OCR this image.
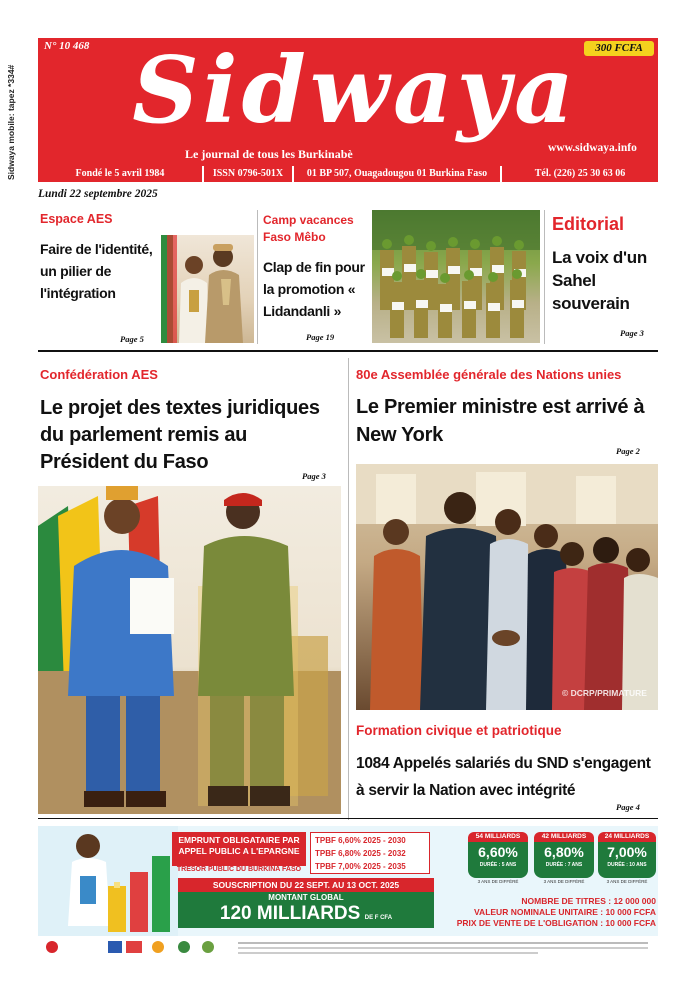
Sidwaya mobile: tapez *334#
N° 10 468	300 FCFA
Sidwaya
Le journal de tous les Burkinabè	www.sidwaya.info
Fondé le 5 avril 1984	ISSN 0796-501X	01 BP 507, Ouagadougou 01 Burkina Faso	Tél. (226) 25 30 63 06
Lundi 22 septembre 2025
Espace AES
Faire de l'identité, un pilier de l'intégration
Page 5
Camp vacances Faso Mêbo
Clap de fin pour la promotion « Lidandanli »
Page 19
Editorial
La voix d'un Sahel souverain
Page 3
Confédération AES
Le projet des textes juridiques du parlement remis au Président du Faso
Page 3
80e Assemblée générale des Nations unies
Le Premier ministre est arrivé à New York
Page 2
© DCRP/PRIMATURE
Formation civique et patriotique
1084 Appelés salariés du SND s'engagent à servir la Nation avec intégrité
Page 4
EMPRUNT OBLIGATAIRE PAR
APPEL PUBLIC A L'EPARGNE
TRESOR PUBLIC DU BURKINA FASO
TPBF 6,60% 2025 - 2030
TPBF 6,80% 2025 - 2032
TPBF 7,00% 2025 - 2035
SOUSCRIPTION DU 22 SEPT. AU 13 OCT. 2025
MONTANT GLOBAL
120 MILLIARDS DE F CFA
54 MILLIARDS
6,60%
DURÉE : 5 ANS
3 ANS DE DIFFÉRÉ
42 MILLIARDS
6,80%
DURÉE : 7 ANS
3 ANS DE DIFFÉRÉ
24 MILLIARDS
7,00%
DURÉE : 10 ANS
3 ANS DE DIFFÉRÉ
NOMBRE DE TITRES : 12 000 000
VALEUR NOMINALE UNITAIRE : 10 000 FCFA
PRIX DE VENTE DE L'OBLIGATION : 10 000 FCFA
